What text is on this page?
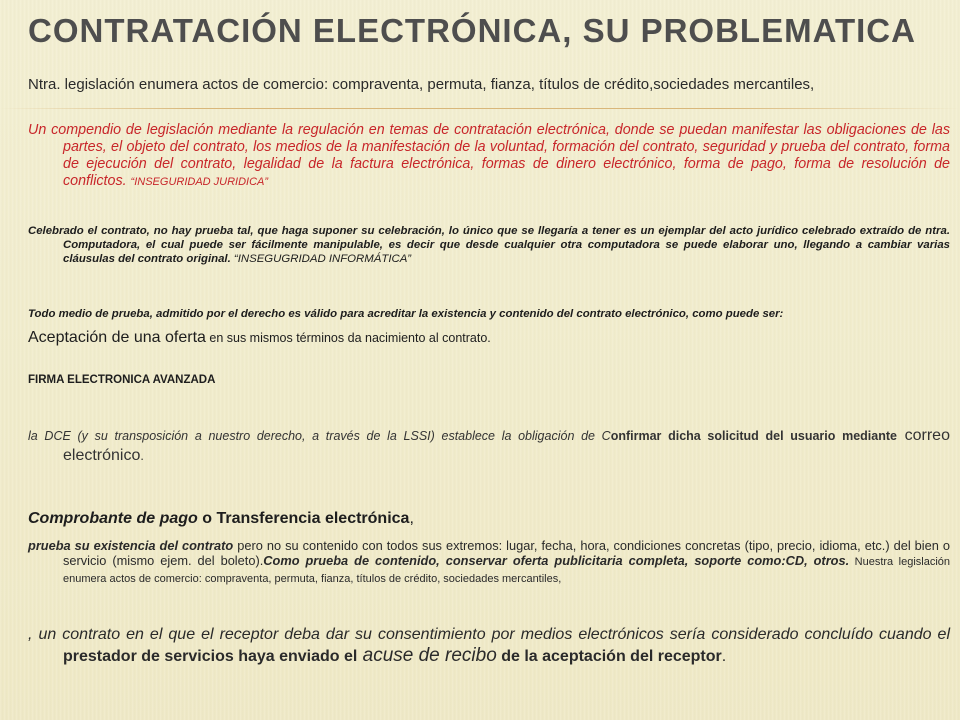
CONTRATACIÓN ELECTRÓNICA, SU PROBLEMATICA

Ntra. legislación enumera actos de comercio: compraventa, permuta, fianza, títulos de crédito,sociedades mercantiles,

Un compendio de legislación mediante la regulación en temas de contratación electrónica, donde se puedan manifestar las obligaciones de las partes, el objeto del contrato, los medios de la manifestación de la voluntad, formación del contrato, seguridad y prueba del contrato, forma de ejecución del contrato, legalidad de la factura electrónica, formas de dinero electrónico, forma de pago, forma de resolución de conflictos. “INSEGURIDAD JURIDICA”

Celebrado el contrato, no hay prueba tal, que haga suponer su celebración, lo único que se llegaría a tener es un ejemplar del acto jurídico celebrado extraído de ntra. Computadora, el cual puede ser fácilmente manipulable, es decir que desde cualquier otra computadora se puede elaborar uno, llegando a cambiar varias cláusulas del contrato original. “INSEGUGRIDAD INFORMÁTICA”

Todo medio de prueba, admitido por el derecho es válido para acreditar la existencia y contenido del contrato electrónico, como puede ser:

Aceptación de una oferta en sus mismos términos da nacimiento al contrato.

FIRMA ELECTRONICA AVANZADA

la DCE (y su transposición a nuestro derecho, a través de la LSSI) establece la obligación de Confirmar dicha solicitud del usuario mediante correo electrónico.

Comprobante de pago o Transferencia electrónica,

prueba su existencia del contrato pero no su contenido con todos sus extremos: lugar, fecha, hora, condiciones concretas (tipo, precio, idioma, etc.) del bien o servicio (mismo ejem. del boleto).Como prueba de contenido, conservar oferta publicitaria completa, soporte como:CD, otros. Nuestra legislación enumera actos de comercio: compraventa, permuta, fianza, títulos de crédito, sociedades mercantiles,

, un contrato en el que el receptor deba dar su consentimiento por medios electrónicos sería considerado concluído cuando el prestador de servicios haya enviado el acuse de recibo de la aceptación del receptor.
